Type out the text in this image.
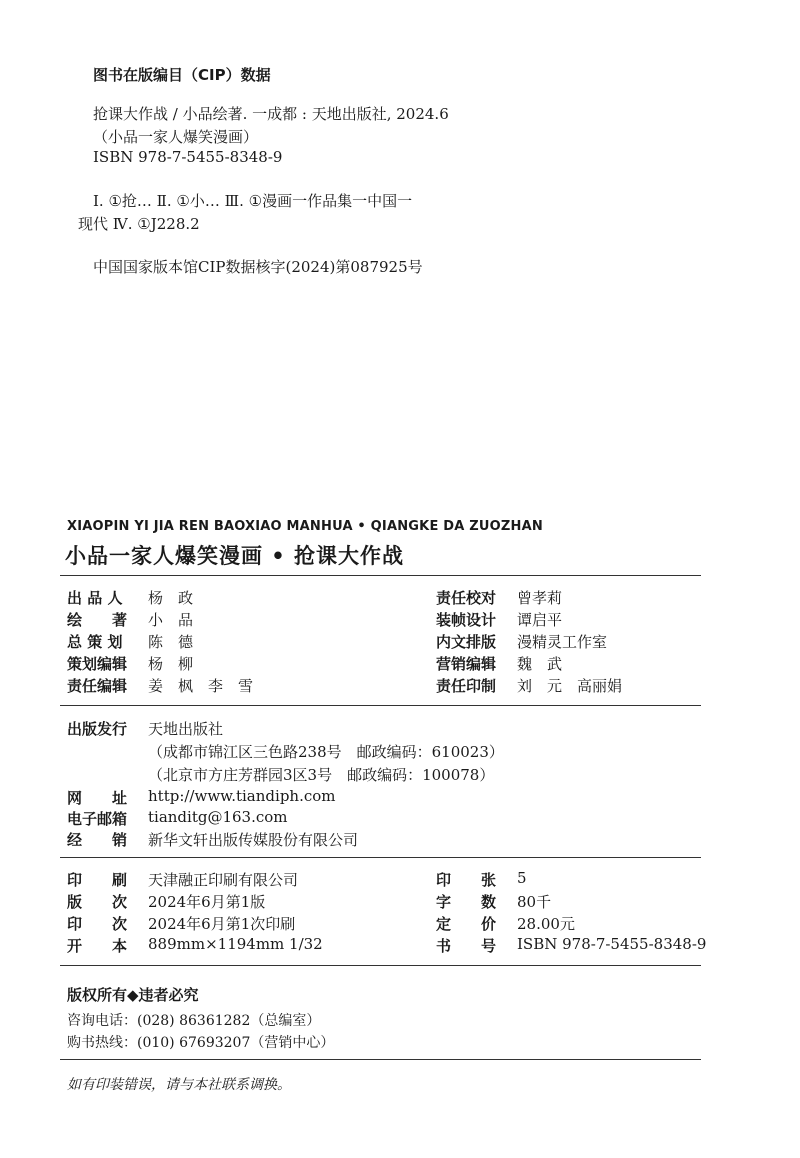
图书在版编目（CIP）数据
抢课大作战 / 小品绘著. 一成都 : 天地出版社, 2024.6
（小品一家人爆笑漫画）
ISBN 978-7-5455-8348-9
Ⅰ. ①抢… Ⅱ. ①小… Ⅲ. ①漫画一作品集一中国一
现代 Ⅳ. ①J228.2
中国国家版本馆CIP数据核字(2024)第087925号
XIAOPIN YI JIA REN BAOXIAO MANHUA • QIANGKE DA ZUOZHAN
小品一家人爆笑漫画 • 抢课大作战
出 品 人 杨　政
绘　　著 小　品
总 策 划 陈　德
策划编辑 杨　柳
责任编辑 姜　枫　李　雪
责任校对 曾孝莉
装帧设计 谭启平
内文排版 漫精灵工作室
营销编辑 魏　武
责任印制 刘　元　高丽娟
出版发行 天地出版社
（成都市锦江区三色路238号　邮政编码：610023）
（北京市方庄芳群园3区3号　邮政编码：100078）
网　　址 http://www.tiandiph.com
电子邮箱 tianditg@163.com
经　　销 新华文轩出版传媒股份有限公司
印　　刷 天津融正印刷有限公司
版　　次 2024年6月第1版
印　　次 2024年6月第1次印刷
开　　本 889mm×1194mm 1/32
印　　张 5
字　　数 80千
定　　价 28.00元
书　　号 ISBN 978-7-5455-8348-9
版权所有◆违者必究
咨询电话：(028) 86361282（总编室）
购书热线：(010) 67693207（营销中心）
如有印装错误，请与本社联系调换。
